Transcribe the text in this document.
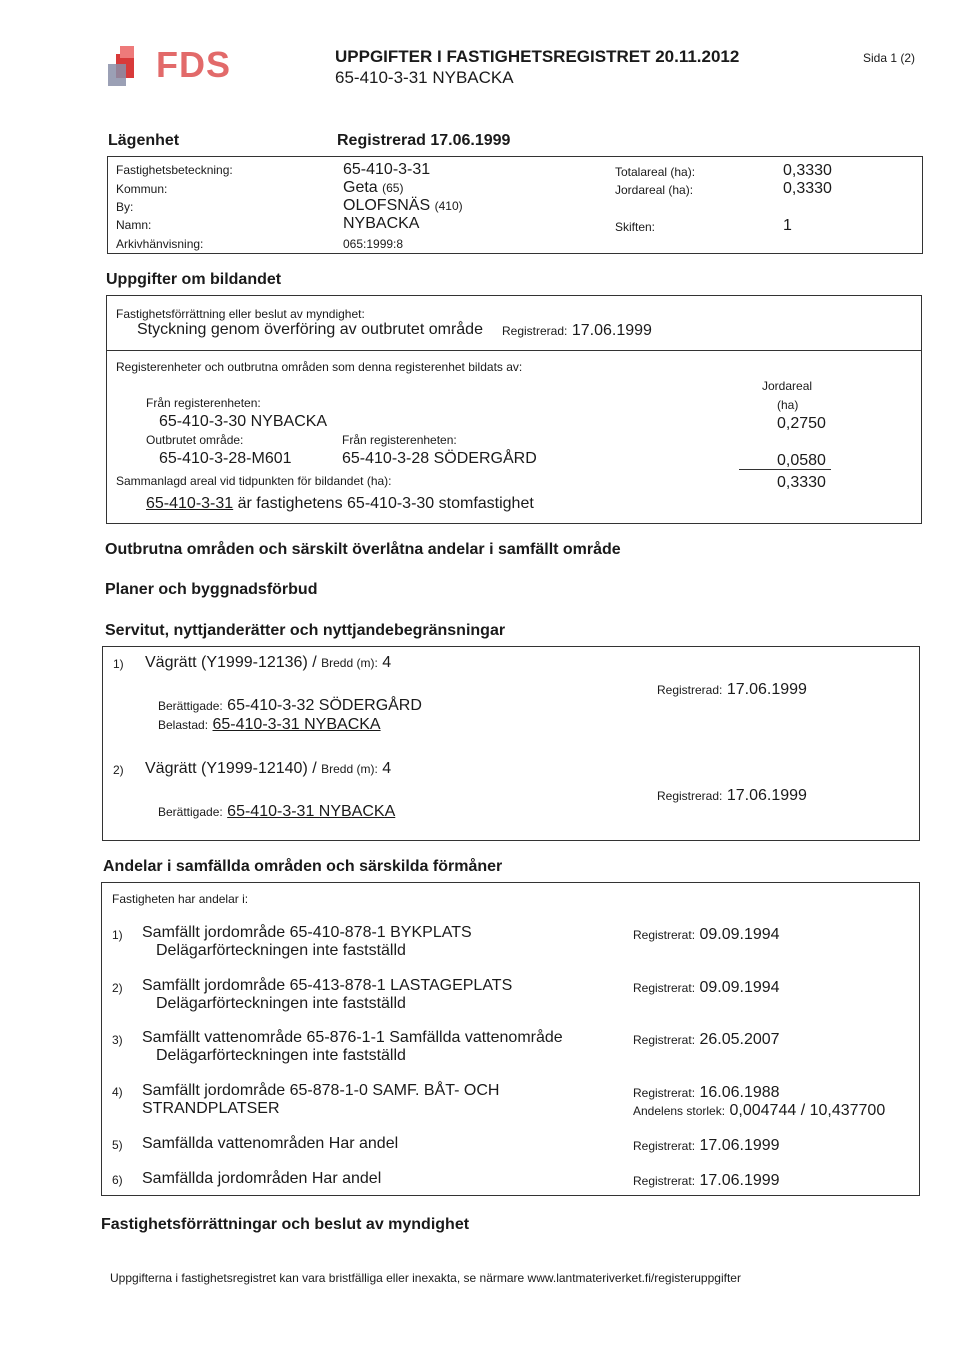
FDS	UPPGIFTER I FASTIGHETSREGISTRET 20.11.2012
65-410-3-31 NYBACKA
Sida 1 (2)
Lägenhet	Registrerad 17.06.1999
Fastighetsbeteckning:	65-410-3-31
Kommun:	Geta (65)
By:	OLOFSNÄS (410)
Namn:	NYBACKA
Arkivhänvisning:	065:1999:8
Totalareal (ha):	0,3330
Jordareal (ha):	0,3330
Skiften:	1
Uppgifter om bildandet
Fastighetsförrättning eller beslut av myndighet:
Styckning genom överföring av outbrutet område Registrerad: 17.06.1999
Registerenheter och outbrutna områden som denna registerenhet bildats av:
Jordareal
(ha)
Från registerenheten:
65-410-3-30 NYBACKA	0,2750
Outbrutet område:	Från registerenheten:
65-410-3-28-M601	65-410-3-28 SÖDERGÅRD	0,0580
Sammanlagd areal vid tidpunkten för bildandet (ha):	0,3330
65-410-3-31 är fastighetens 65-410-3-30 stomfastighet
Outbrutna områden och särskilt överlåtna andelar i samfällt område
Planer och byggnadsförbud
Servitut, nyttjanderätter och nyttjandebegränsningar
1) Vägrätt (Y1999-12136) / Bredd (m): 4
Registrerad: 17.06.1999
Berättigade: 65-410-3-32 SÖDERGÅRD
Belastad: 65-410-3-31 NYBACKA
2) Vägrätt (Y1999-12140) / Bredd (m): 4
Registrerad: 17.06.1999
Berättigade: 65-410-3-31 NYBACKA
Andelar i samfällda områden och särskilda förmåner
Fastigheten har andelar i:
1) Samfällt jordområde 65-410-878-1 BYKPLATS
Delägarförteckningen inte fastställd
Registrerat: 09.09.1994
2) Samfällt jordområde 65-413-878-1 LASTAGEPLATS
Delägarförteckningen inte fastställd
Registrerat: 09.09.1994
3) Samfällt vattenområde 65-876-1-1 Samfällda vattenområde
Delägarförteckningen inte fastställd
Registrerat: 26.05.2007
4) Samfällt jordområde 65-878-1-0 SAMF. BÅT- OCH
STRANDPLATSER
Registrerat: 16.06.1988
Andelens storlek: 0,004744 / 10,437700
5) Samfällda vattenområden Har andel	Registrerat: 17.06.1999
6) Samfällda jordområden Har andel	Registrerat: 17.06.1999
Fastighetsförrättningar och beslut av myndighet
Uppgifterna i fastighetsregistret kan vara bristfälliga eller inexakta, se närmare www.lantmateriverket.fi/registeruppgifter
